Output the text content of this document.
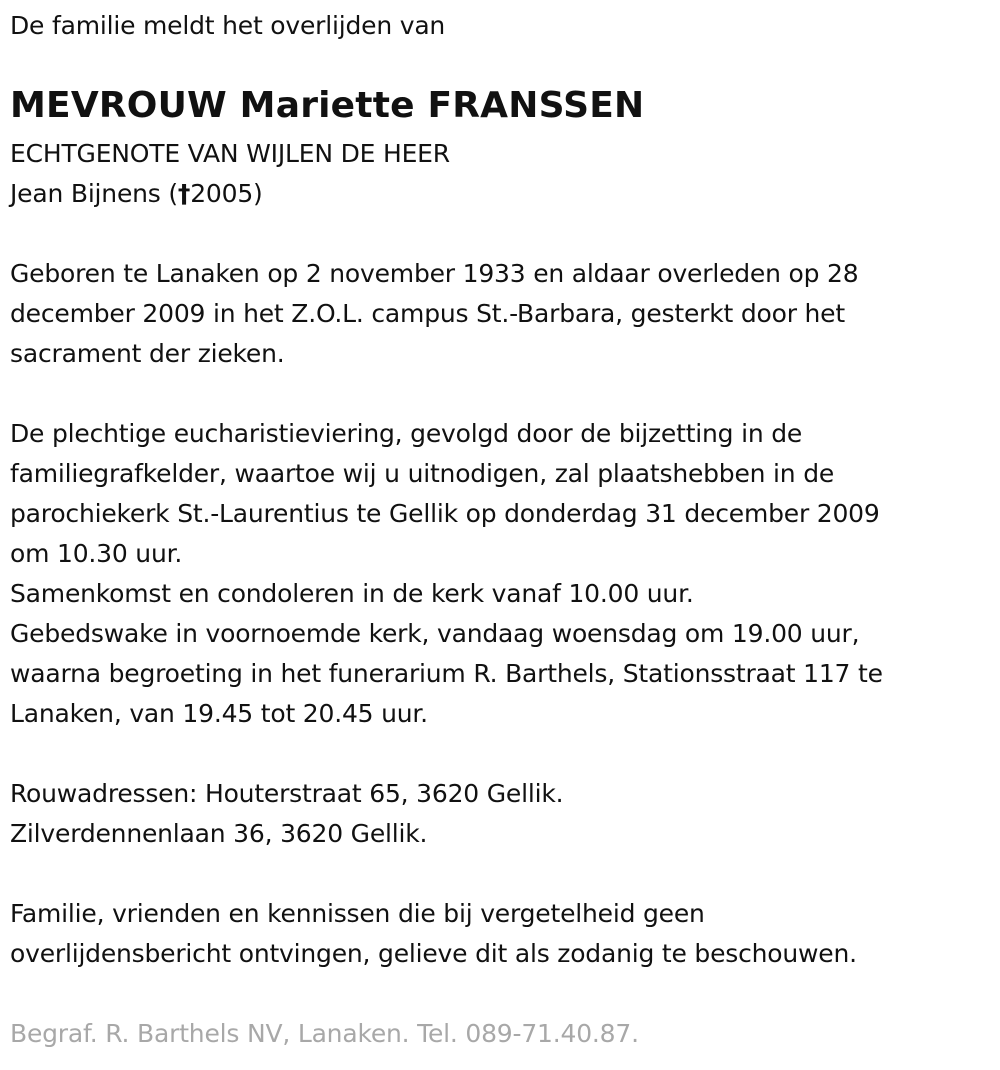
De familie meldt het overlijden van
MEVROUW Mariette FRANSSEN
ECHTGENOTE VAN WIJLEN DE HEER
Jean Bijnens (†2005)
Geboren te Lanaken op 2 november 1933 en aldaar overleden op 28
december 2009 in het Z.O.L. campus St.-Barbara, gesterkt door het
sacrament der zieken.
De plechtige eucharistieviering, gevolgd door de bijzetting in de
familiegrafkelder, waartoe wij u uitnodigen, zal plaatshebben in de
parochiekerk St.-Laurentius te Gellik op donderdag 31 december 2009
om 10.30 uur.
Samenkomst en condoleren in de kerk vanaf 10.00 uur.
Gebedswake in voornoemde kerk, vandaag woensdag om 19.00 uur,
waarna begroeting in het funerarium R. Barthels, Stationsstraat 117 te
Lanaken, van 19.45 tot 20.45 uur.
Rouwadressen: Houterstraat 65, 3620 Gellik.
Zilverdennenlaan 36, 3620 Gellik.
Familie, vrienden en kennissen die bij vergetelheid geen
overlijdensbericht ontvingen, gelieve dit als zodanig te beschouwen.
Begraf. R. Barthels NV, Lanaken. Tel. 089-71.40.87.
